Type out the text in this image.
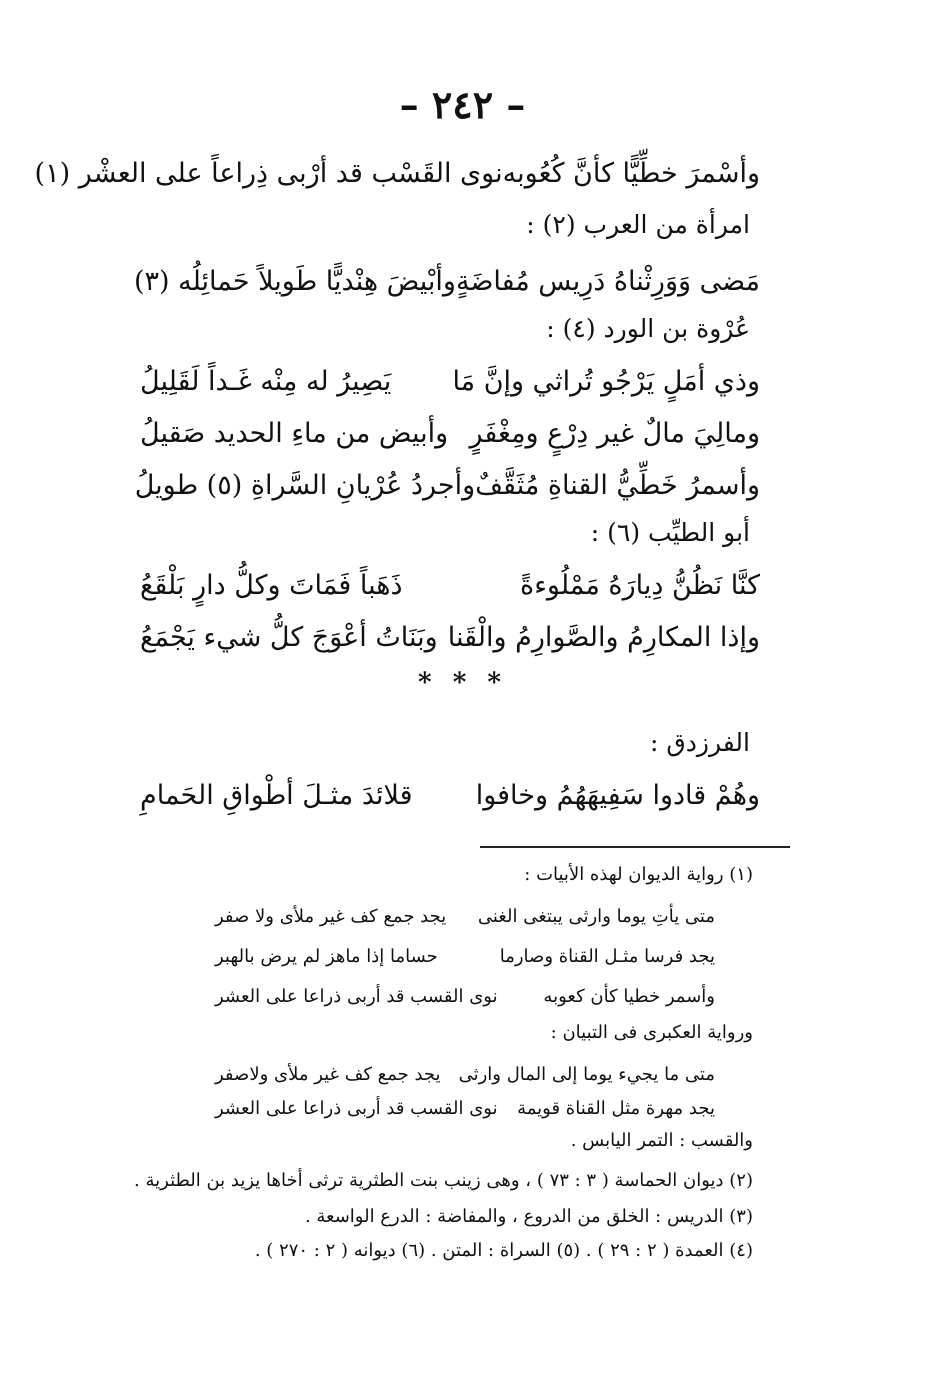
– ٢٤٢ –
وأسْمرَ خطِّيًّا كأنَّ كُعُوبه
نوى القَسْب قد أرْبى ذِراعاً على العشْر (١)
امرأة من العرب (٢) :
مَضى وَوَرِثْناهُ دَرِيس مُفاضَةٍ
وأبْيضَ هِنْديًّا طَويلاً حَمائِلُه (٣)
عُرْوة بن الورد (٤) :
وذي أمَلٍ يَرْجُو تُراثي وإنَّ مَا
يَصِيرُ له مِنْه غَـداً لَقَلِيلُ
ومالِيَ مالٌ غير دِرْعٍ ومِغْفَرٍ
وأبيض من ماءِ الحديد صَقيلُ
وأسمرُ خَطِّيُّ القناةِ مُثَقَّفٌ
وأجردُ عُرْيانِ السَّراةِ (٥) طويلُ
أبو الطيِّب (٦) :
كنَّا نَظُنُّ دِيارَهُ مَمْلُوءةً
ذَهَباً فَمَاتَ وكلُّ دارٍ بَلْقَعُ
وإذا المكارِمُ والصَّوارِمُ والْقَنا
وبَنَاتُ أعْوَجَ كلُّ شيء يَجْمَعُ
* * *
الفرزدق :
وهُمْ قادوا سَفِيهَهُمُ وخافوا
قلائدَ مثـلَ أطْواقِ الحَمامِ
(١) رواية الديوان لهذه الأبيات :
متى يأتِ يوما وارثى يبتغى الغنى
يجد جمع كف غير ملأى ولا صفر
يجد فرسا مثـل القناة وصارما
حساما إذا ماهز لم يرض بالهبر
وأسمر خطيا كأن كعوبه
نوى القسب قد أربى ذراعا على العشر
ورواية العكبرى فى التبيان :
متى ما يجيء يوما إلى المال وارثى
يجد جمع كف غير ملأى ولاصفر
يجد مهرة مثل القناة قويمة
نوى القسب قد أربى ذراعا على العشر
والقسب : التمر اليابس .
(٢) ديوان الحماسة ( ٣ : ٧٣ ) ، وهى زينب بنت الطثرية ترثى أخاها يزيد بن الطثرية .
(٣) الدريس : الخلق من الدروع ، والمفاضة : الدرع الواسعة .
(٤) العمدة ( ٢ : ٢٩ ) . (٥) السراة : المتن . (٦) ديوانه ( ٢ : ٢٧٠ ) .
